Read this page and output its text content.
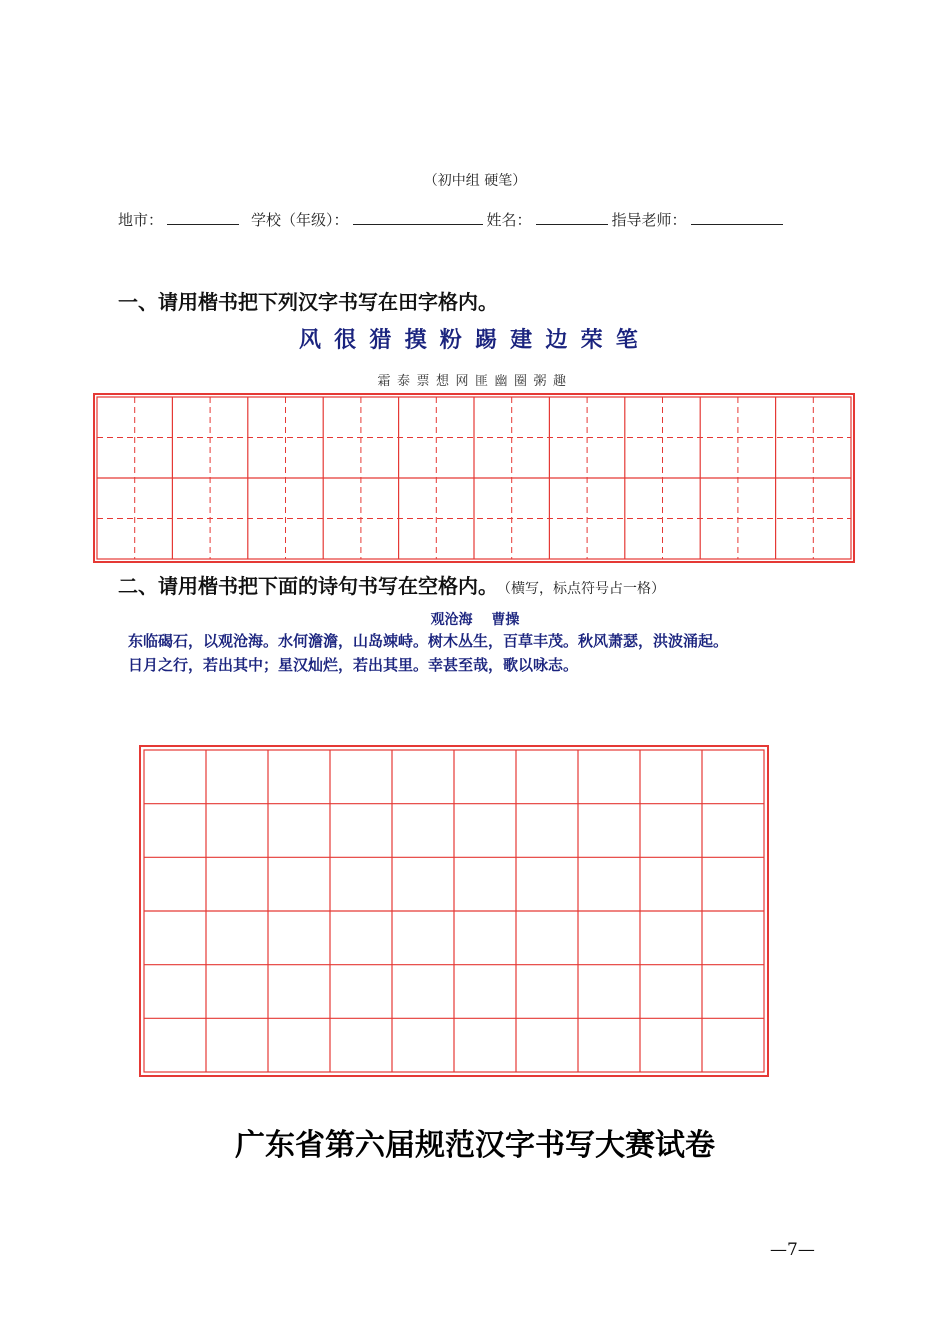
（初中组 硬笔）
地市：	学校（年级）：	姓名：	指导老师：
一、请用楷书把下列汉字书写在田字格内。
风很猎摸粉踢建边荣笔
霜泰票想网匪幽圈粥趣
二、请用楷书把下面的诗句书写在空格内。 （横写，标点符号占一格）
观沧海　 曹操
东临碣石，以观沧海。水何澹澹，山岛竦峙。树木丛生，百草丰茂。秋风萧瑟，洪波涌起。
日月之行，若出其中；星汉灿烂，若出其里。幸甚至哉，歌以咏志。
广东省第六届规范汉字书写大赛试卷
—7—
